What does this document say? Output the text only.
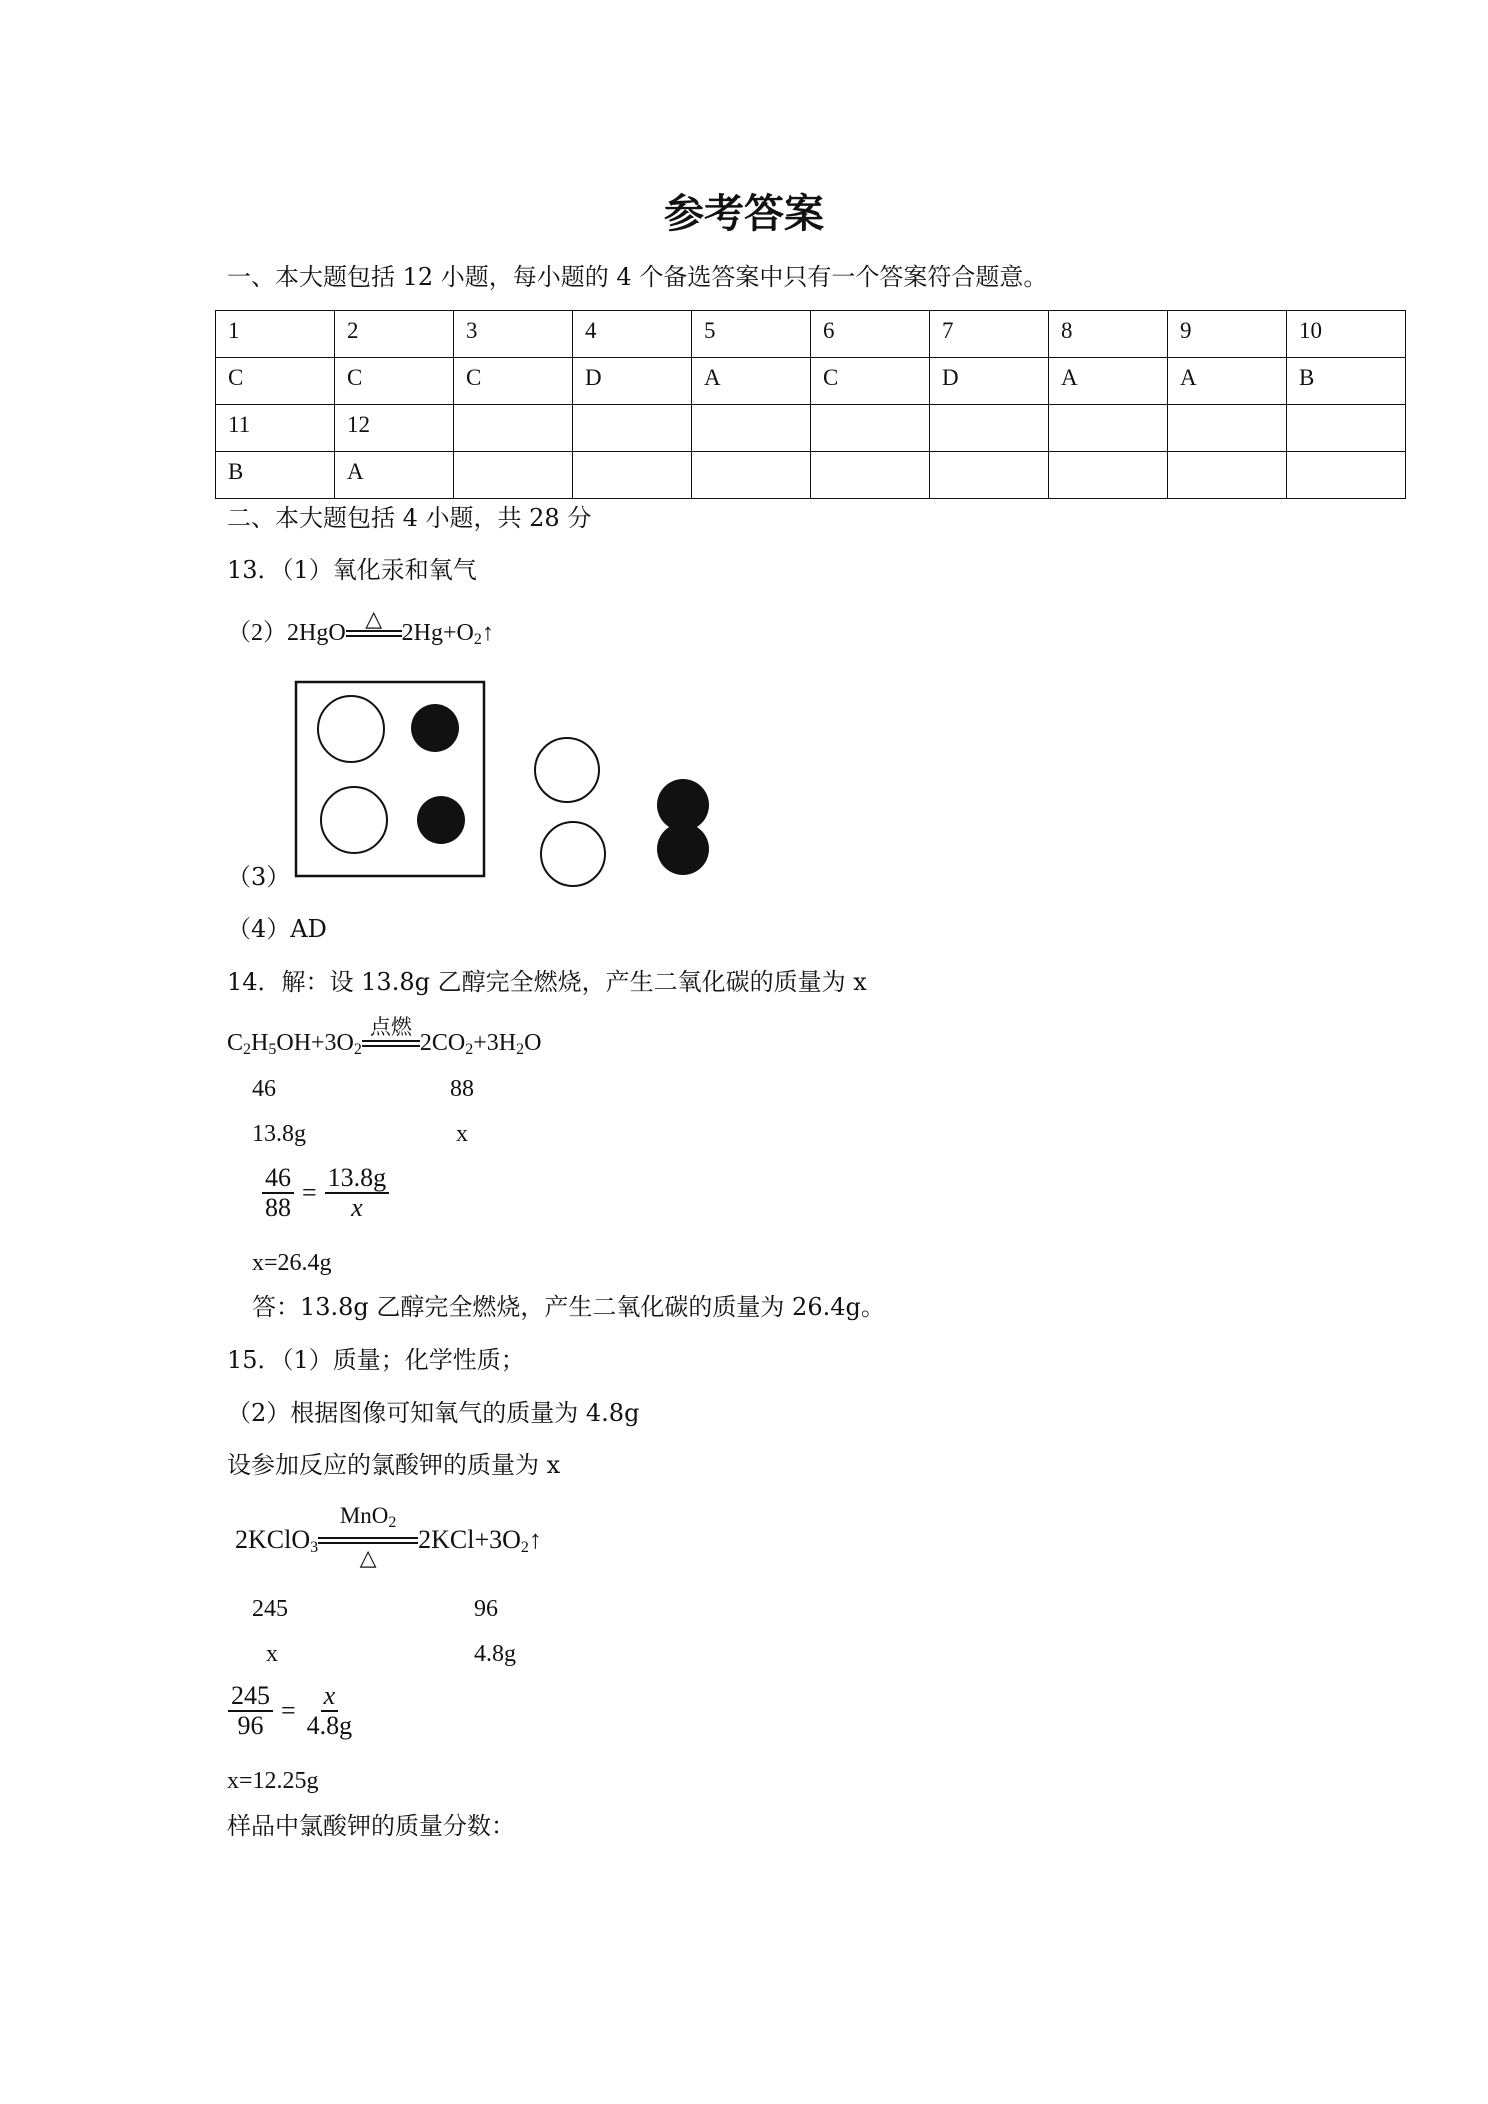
参考答案
一、本大题包括 12 小题，每小题的 4 个备选答案中只有一个答案符合题意。
1	2	3	4	5	6	7	8	9	10
C	C	C	D	A	C	D	A	A	B
11	12								
B	A								
二、本大题包括 4 小题，共 28 分
13．（1）氧化汞和氧气
（2）2HgO
△
$2Hg+O_2↑$
（3）
（4）AD
14．解：设 13.8g 乙醇完全燃烧，产生二氧化碳的质量为 x
$C_2H_5OH+3O_2$
点燃
$2CO_2+3H_2O$
46	88
13.8g	x
$\frac{46}{88} = \frac{13.8g}{x}$
x=26.4g
答：13.8g 乙醇完全燃烧，产生二氧化碳的质量为 26.4g。
15．（1）质量；化学性质；
（2）根据图像可知氧气的质量为 4.8g
设参加反应的氯酸钾的质量为 x
2KClO$_3$
MnO$_2$
△
$2KCl+3O_2↑$
245	96
x	4.8g
$\frac{245}{96} = \frac{x}{4.8g}$
x=12.25g
样品中氯酸钾的质量分数：
